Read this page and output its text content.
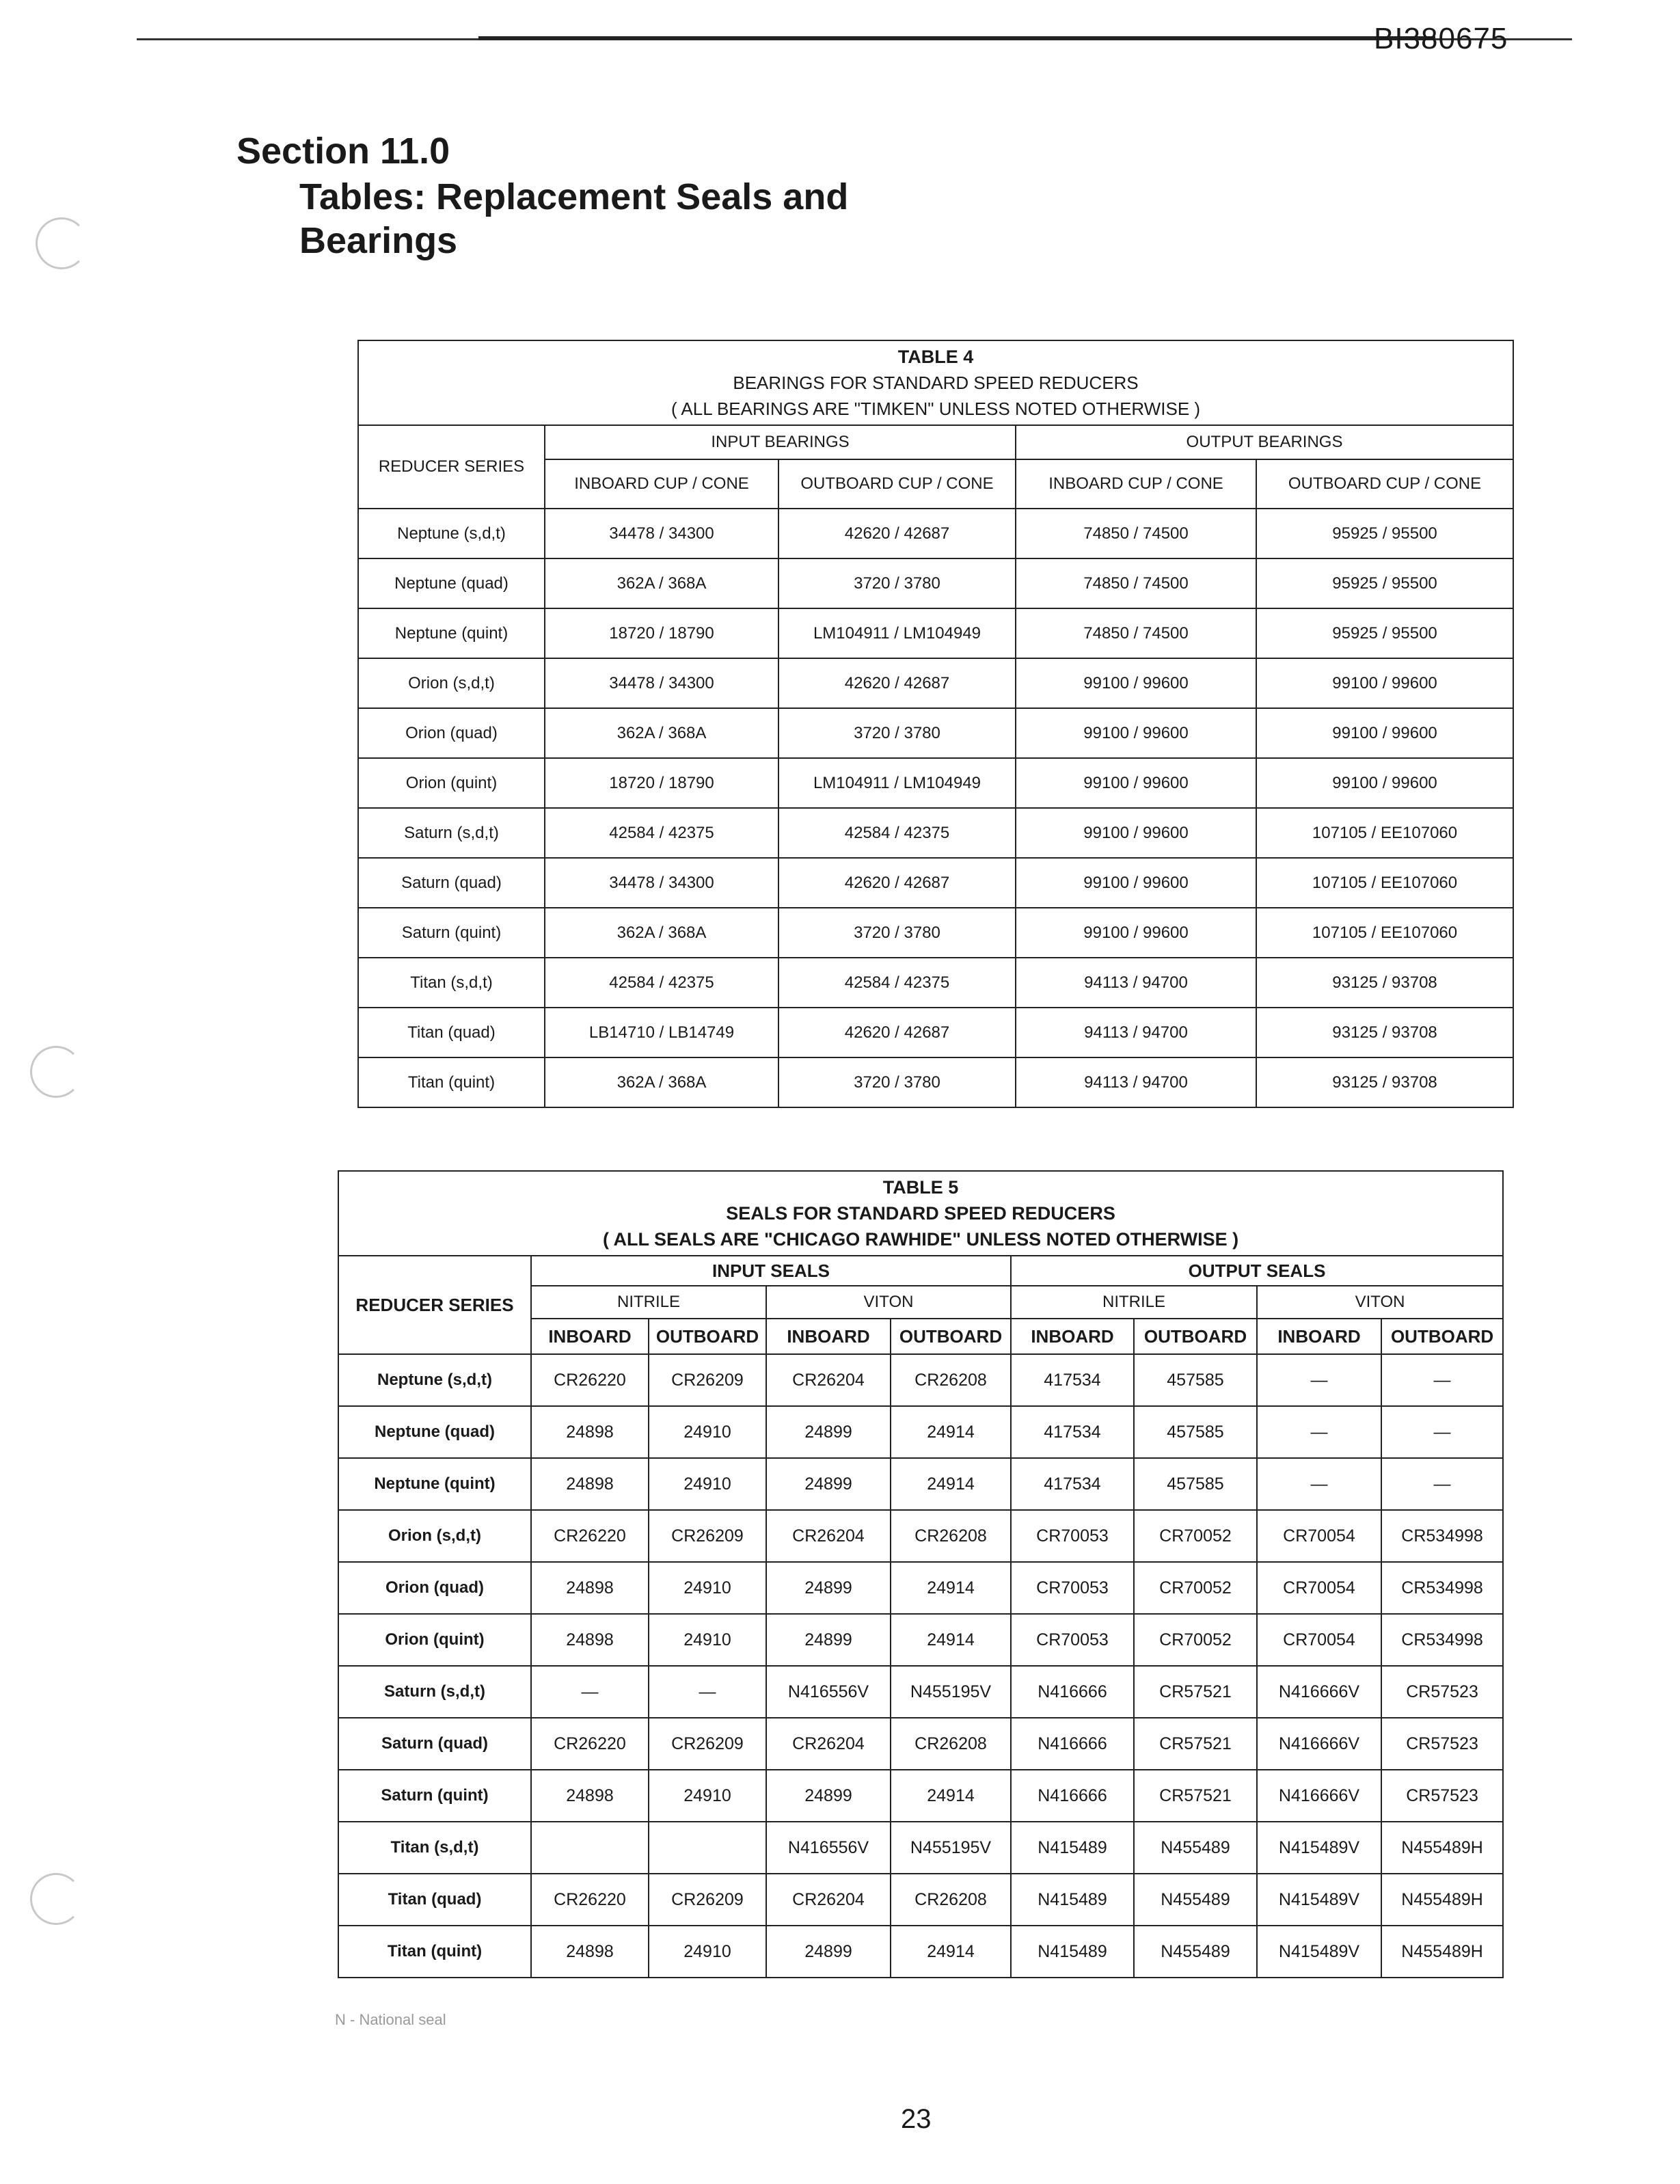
BI380675
Section 11.0
Tables: Replacement Seals and Bearings
TABLE 4
BEARINGS FOR STANDARD SPEED REDUCERS
( ALL BEARINGS ARE "TIMKEN" UNLESS NOTED OTHERWISE )				

REDUCER SERIES	INPUT BEARINGS		OUTPUT BEARINGS	
	INBOARD CUP / CONE	OUTBOARD CUP / CONE	INBOARD CUP / CONE	OUTBOARD CUP / CONE
Neptune (s,d,t)	34478 / 34300	42620 / 42687	74850 / 74500	95925 / 95500
Neptune (quad)	362A / 368A	3720 / 3780	74850 / 74500	95925 / 95500
Neptune (quint)	18720 / 18790	LM104911 / LM104949	74850 / 74500	95925 / 95500
Orion (s,d,t)	34478 / 34300	42620 / 42687	99100 / 99600	99100 / 99600
Orion (quad)	362A / 368A	3720 / 3780	99100 / 99600	99100 / 99600
Orion (quint)	18720 / 18790	LM104911 / LM104949	99100 / 99600	99100 / 99600
Saturn (s,d,t)	42584 / 42375	42584 / 42375	99100 / 99600	107105 / EE107060
Saturn (quad)	34478 / 34300	42620 / 42687	99100 / 99600	107105 / EE107060
Saturn (quint)	362A / 368A	3720 / 3780	99100 / 99600	107105 / EE107060
Titan (s,d,t)	42584 / 42375	42584 / 42375	94113 / 94700	93125 / 93708
Titan (quad)	LB14710 / LB14749	42620 / 42687	94113 / 94700	93125 / 93708
Titan (quint)	362A / 368A	3720 / 3780	94113 / 94700	93125 / 93708
TABLE 5
SEALS FOR STANDARD SPEED REDUCERS
( ALL SEALS ARE "CHICAGO RAWHIDE" UNLESS NOTED OTHERWISE )								

REDUCER SERIES	INPUT SEALS				OUTPUT SEALS			
	NITRILE		VITON		NITRILE		VITON	
	INBOARD	OUTBOARD	INBOARD	OUTBOARD	INBOARD	OUTBOARD	INBOARD	OUTBOARD
Neptune (s,d,t)	CR26220	CR26209	CR26204	CR26208	417534	457585	—	—
Neptune (quad)	24898	24910	24899	24914	417534	457585	—	—
Neptune (quint)	24898	24910	24899	24914	417534	457585	—	—
Orion (s,d,t)	CR26220	CR26209	CR26204	CR26208	CR70053	CR70052	CR70054	CR534998
Orion (quad)	24898	24910	24899	24914	CR70053	CR70052	CR70054	CR534998
Orion (quint)	24898	24910	24899	24914	CR70053	CR70052	CR70054	CR534998
Saturn (s,d,t)	—	—	N416556V	N455195V	N416666	CR57521	N416666V	CR57523
Saturn (quad)	CR26220	CR26209	CR26204	CR26208	N416666	CR57521	N416666V	CR57523
Saturn (quint)	24898	24910	24899	24914	N416666	CR57521	N416666V	CR57523
Titan (s,d,t)			N416556V	N455195V	N415489	N455489	N415489V	N455489H
Titan (quad)	CR26220	CR26209	CR26204	CR26208	N415489	N455489	N415489V	N455489H
Titan (quint)	24898	24910	24899	24914	N415489	N455489	N415489V	N455489H
N - National seal
23
